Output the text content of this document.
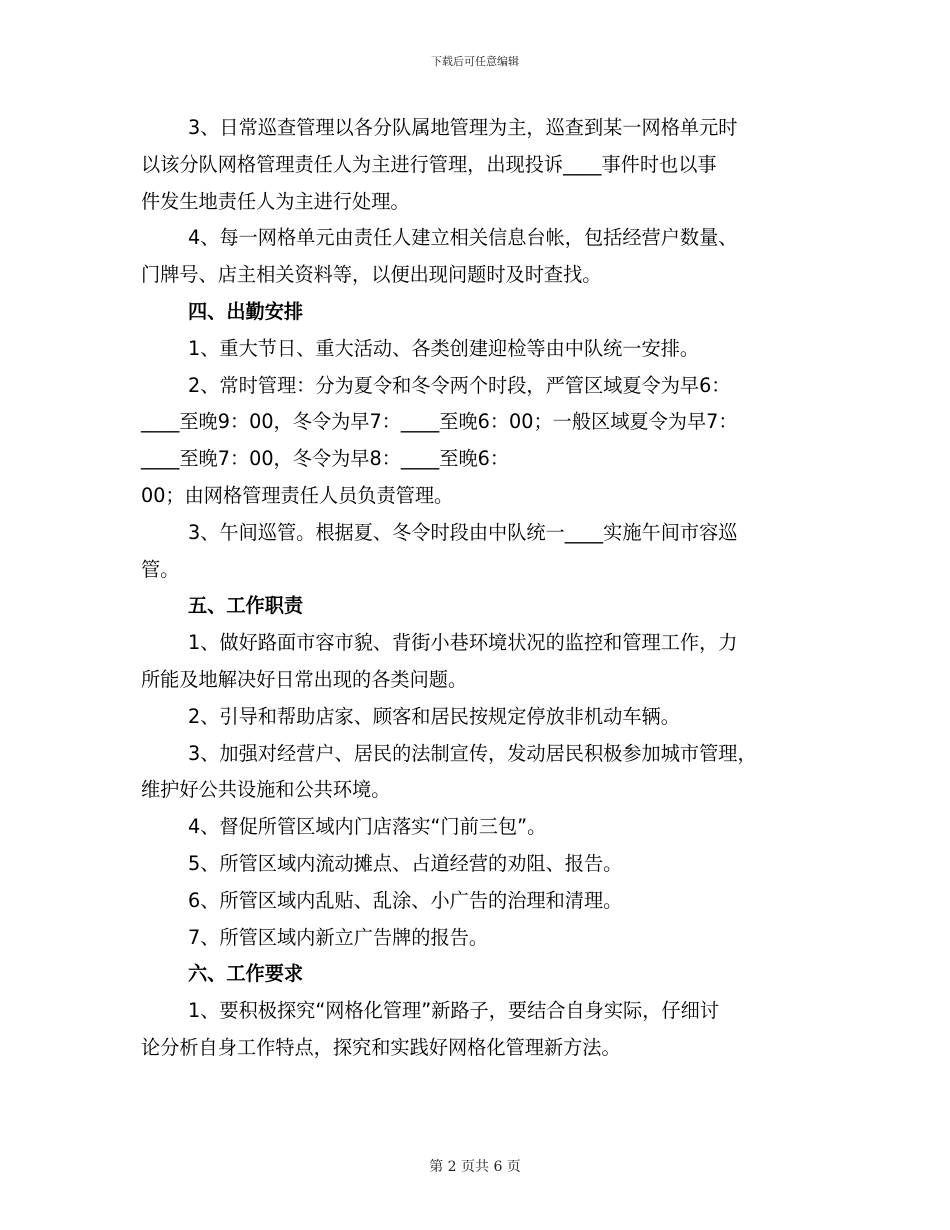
下载后可任意编辑
3、日常巡查管理以各分队属地管理为主，巡查到某一网格单元时
以该分队网格管理责任人为主进行管理，出现投诉____事件时也以事
件发生地责任人为主进行处理。
4、每一网格单元由责任人建立相关信息台帐，包括经营户数量、
门牌号、店主相关资料等，以便出现问题时及时查找。
四、出勤安排
1、重大节日、重大活动、各类创建迎检等由中队统一安排。
2、常时管理：分为夏令和冬令两个时段，严管区域夏令为早6：
____至晚9：00，冬令为早7：____至晚6：00；一般区域夏令为早7：
____至晚7：00，冬令为早8：____至晚6：
00；由网格管理责任人员负责管理。
3、午间巡管。根据夏、冬令时段由中队统一____实施午间市容巡
管。
五、工作职责
1、做好路面市容市貌、背街小巷环境状况的监控和管理工作，力
所能及地解决好日常出现的各类问题。
2、引导和帮助店家、顾客和居民按规定停放非机动车辆。
3、加强对经营户、居民的法制宣传，发动居民积极参加城市管理，
维护好公共设施和公共环境。
4、督促所管区域内门店落实“门前三包”。
5、所管区域内流动摊点、占道经营的劝阻、报告。
6、所管区域内乱贴、乱涂、小广告的治理和清理。
7、所管区域内新立广告牌的报告。
六、工作要求
1、要积极探究“网格化管理”新路子，要结合自身实际，仔细讨
论分析自身工作特点，探究和实践好网格化管理新方法。
第 2 页共 6 页
